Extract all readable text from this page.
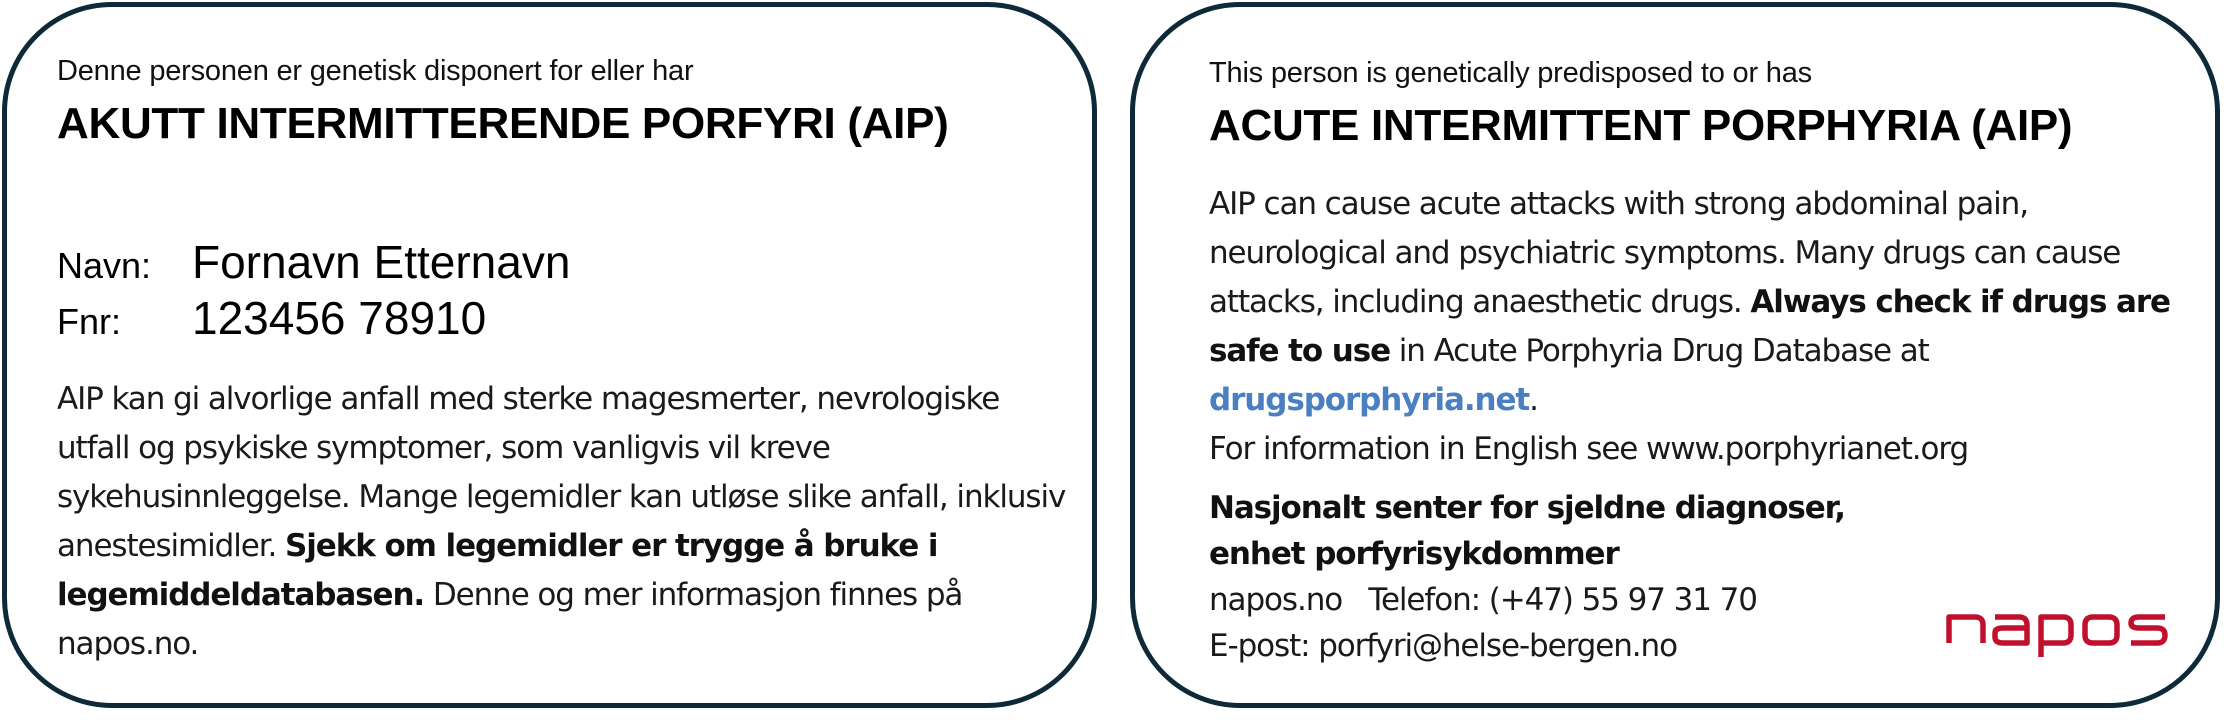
Denne personen er genetisk disponert for eller har
AKUTT INTERMITTERENDE PORFYRI (AIP)
Navn: Fornavn Etternavn
Fnr: 123456 78910
AIP kan gi alvorlige anfall med sterke magesmerter, nevrologiske utfall og psykiske symptomer, som vanligvis vil kreve sykehusinnleggelse. Mange legemidler kan utløse slike anfall, inklusiv anestesimidler. Sjekk om legemidler er trygge å bruke i legemiddeldatabasen. Denne og mer informasjon finnes på napos.no.
This person is genetically predisposed to or has
ACUTE INTERMITTENT PORPHYRIA (AIP)
AIP can cause acute attacks with strong abdominal pain, neurological and psychiatric symptoms. Many drugs can cause attacks, including anaesthetic drugs. Always check if drugs are safe to use in Acute Porphyria Drug Database at drugsporphyria.net.
For information in English see www.porphyrianet.org
Nasjonalt senter for sjeldne diagnoser,
enhet porfyrisykdommer
napos.no Telefon: (+47) 55 97 31 70
E-post: porfyri@helse-bergen.no
